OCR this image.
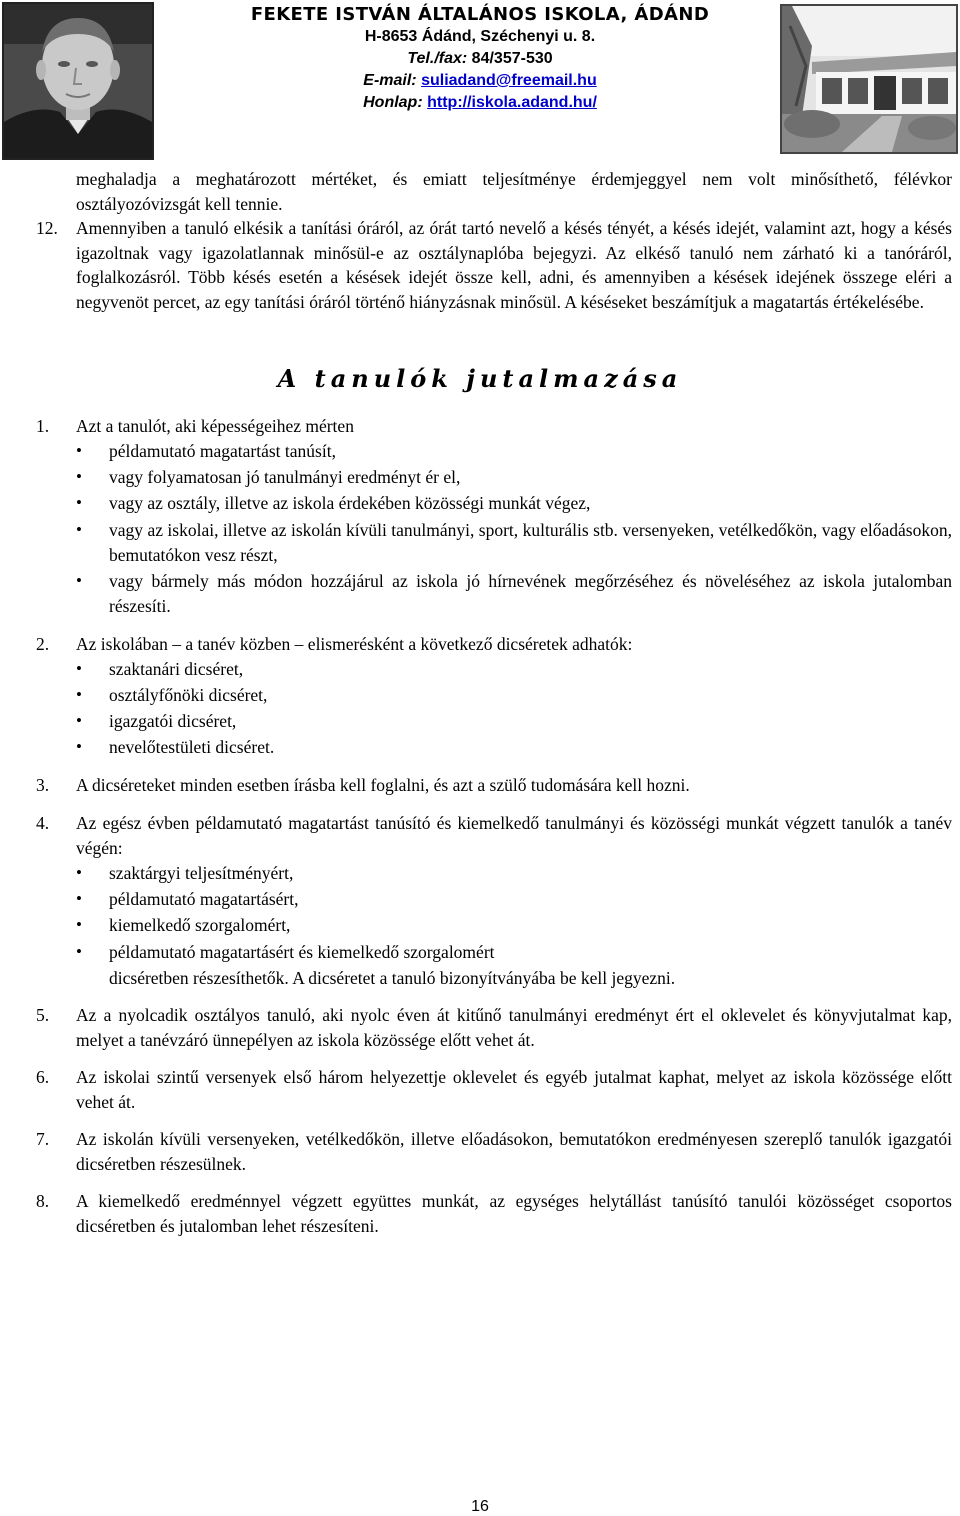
FEKETE ISTVÁN ÁLTALÁNOS ISKOLA, ÁDÁND
H-8653 Ádánd, Széchenyi u. 8.
Tel./fax: 84/357-530
E-mail: suliadand@freemail.hu
Honlap: http://iskola.adand.hu/
meghaladja a meghatározott mértéket, és emiatt teljesítménye érdemjeggyel nem volt minősíthető, félévkor osztályozóvizsgát kell tennie.
12. Amennyiben a tanuló elkésik a tanítási óráról, az órát tartó nevelő a késés tényét, a késés idejét, valamint azt, hogy a késés igazoltnak vagy igazolatlannak minősül-e az osztálynaplóba bejegyzi. Az elkéső tanuló nem zárható ki a tanóráról, foglalkozásról. Több késés esetén a késések idejét össze kell, adni, és amennyiben a késések idejének összege eléri a negyvenöt percet, az egy tanítási óráról történő hiányzásnak minősül. A késéseket beszámítjuk a magatartás értékelésébe.
A tanulók jutalmazása
1. Azt a tanulót, aki képességeihez mérten
•	példamutató magatartást tanúsít,
•	vagy folyamatosan jó tanulmányi eredményt ér el,
•	vagy az osztály, illetve az iskola érdekében közösségi munkát végez,
•	vagy az iskolai, illetve az iskolán kívüli tanulmányi, sport, kulturális stb. versenyeken, vetélkedőkön, vagy előadásokon, bemutatókon vesz részt,
•	vagy bármely más módon hozzájárul az iskola jó hírnevének megőrzéséhez és növeléséhez az iskola jutalomban részesíti.
2. Az iskolában – a tanév közben – elismerésként a következő dicséretek adhatók:
•	szaktanári dicséret,
•	osztályfőnöki dicséret,
•	igazgatói dicséret,
•	nevelőtestületi dicséret.
3. A dicséreteket minden esetben írásba kell foglalni, és azt a szülő tudomására kell hozni.
4. Az egész évben példamutató magatartást tanúsító és kiemelkedő tanulmányi és közösségi munkát végzett tanulók a tanév végén:
•	szaktárgyi teljesítményért,
•	példamutató magatartásért,
•	kiemelkedő szorgalomért,
•	példamutató magatartásért és kiemelkedő szorgalomért
dicséretben részesíthetők. A dicséretet a tanuló bizonyítványába be kell jegyezni.
5. Az a nyolcadik osztályos tanuló, aki nyolc éven át kitűnő tanulmányi eredményt ért el oklevelet és könyvjutalmat kap, melyet a tanévzáró ünnepélyen az iskola közössége előtt vehet át.
6. Az iskolai szintű versenyek első három helyezettje oklevelet és egyéb jutalmat kaphat, melyet az iskola közössége előtt vehet át.
7. Az iskolán kívüli versenyeken, vetélkedőkön, illetve előadásokon, bemutatókon eredményesen szereplő tanulók igazgatói dicséretben részesülnek.
8. A kiemelkedő eredménnyel végzett együttes munkát, az egységes helytállást tanúsító tanulói közösséget csoportos dicséretben és jutalomban lehet részesíteni.
16
